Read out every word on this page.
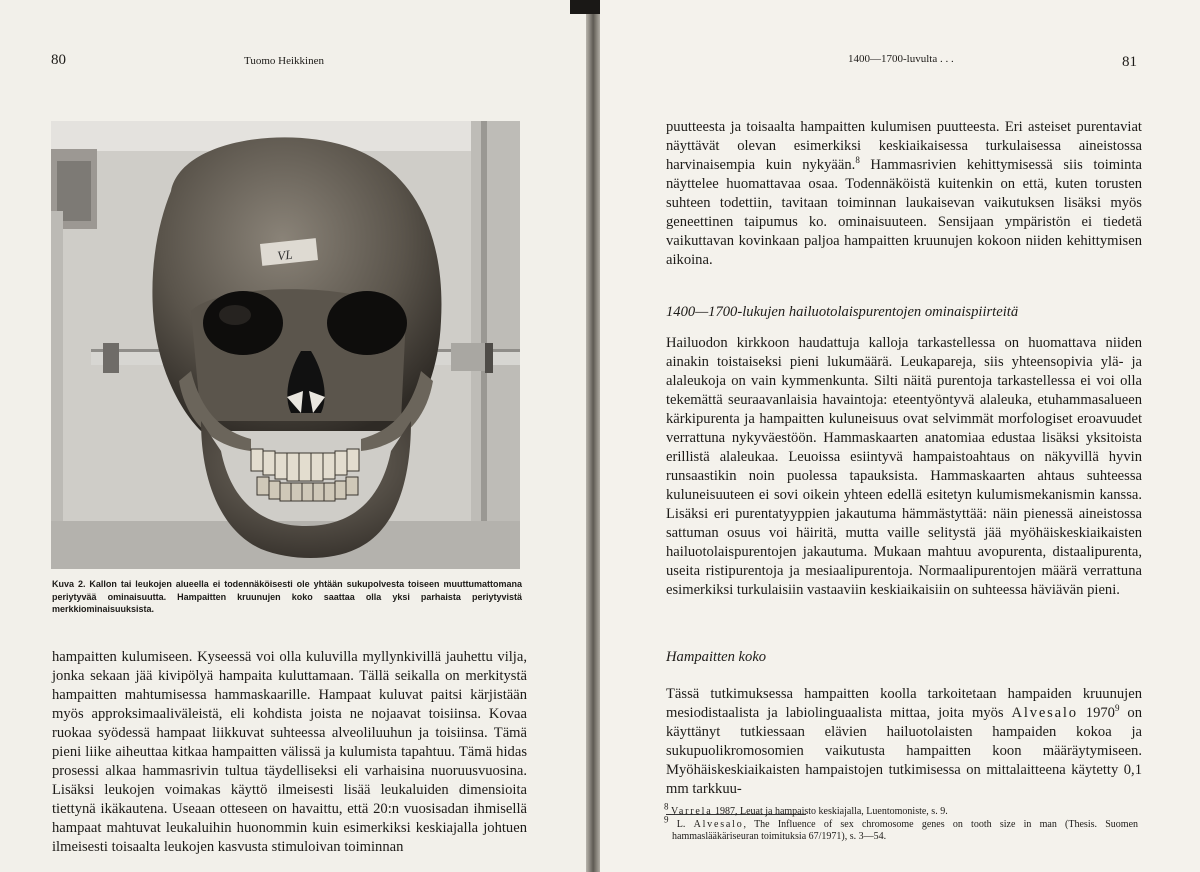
80	Tuomo Heikkinen
VL
Kuva 2. Kallon tai leukojen alueella ei todennäköisesti ole yhtään sukupolvesta toiseen muuttumattomana periytyvää ominaisuutta. Hampaitten kruunujen koko saattaa olla yksi parhaista periytyvistä merkkiominaisuuksista.

hampaitten kulumiseen. Kyseessä voi olla kuluvilla myllynkivillä jauhettu vilja, jonka sekaan jää kivipölyä hampaita kuluttamaan. Tällä seikalla on merkitystä hampaitten mahtumisessa hammaskaarille. Hampaat kuluvat paitsi kärjistään myös approksimaaliväleistä, eli kohdista joista ne nojaavat toisiinsa. Kovaa ruokaa syödessä hampaat liikkuvat suhteessa alveoliluuhun ja toisiinsa. Tämä pieni liike aiheuttaa kitkaa hampaitten välissä ja kulumista tapahtuu. Tämä hidas prosessi alkaa hammasrivin tultua täydelliseksi eli varhaisina nuoruusvuosina. Lisäksi leukojen voimakas käyttö ilmeisesti lisää leukaluiden dimensioita tiettynä ikäkautena. Useaan otteseen on havaittu, että 20:n vuosisadan ihmisellä hampaat mahtuvat leukaluihin huonommin kuin esimerkiksi keskiajalla johtuen ilmeisesti toisaalta leukojen kasvusta stimuloivan toiminnan

1400—1700-luvulta . . .	81

puutteesta ja toisaalta hampaitten kulumisen puutteesta. Eri asteiset purentaviat näyttävät olevan esimerkiksi keskiaikaisessa turkulaisessa aineistossa harvinaisempia kuin nykyään.$^8$ Hammasrivien kehittymisessä siis toiminta näyttelee huomattavaa osaa. Todennäköistä kuitenkin on että, kuten torusten suhteen todettiin, tavitaan toiminnan laukaisevan vaikutuksen lisäksi myös geneettinen taipumus ko. ominaisuuteen. Sensijaan ympäristön ei tiedetä vaikuttavan kovinkaan paljoa hampaitten kruunujen kokoon niiden kehittymisen aikoina.

1400—1700-lukujen hailuotolaispurentojen ominaispiirteitä

Hailuodon kirkkoon haudattuja kalloja tarkastellessa on huomattava niiden ainakin toistaiseksi pieni lukumäärä. Leukapareja, siis yhteensopivia ylä- ja alaleukoja on vain kymmenkunta. Silti näitä purentoja tarkastellessa ei voi olla tekemättä seuraavanlaisia havaintoja: eteentyöntyvä alaleuka, etuhammasalueen kärkipurenta ja hampaitten kuluneisuus ovat selvimmät morfologiset eroavuudet verrattuna nykyväestöön. Hammaskaarten anatomiaa edustaa lisäksi yksitoista erillistä alaleukaa. Leuoissa esiintyvä hampaistoahtaus on näkyvillä hyvin runsaastikin noin puolessa tapauksista. Hammaskaarten ahtaus suhteessa kuluneisuuteen ei sovi oikein yhteen edellä esitetyn kulumismekanismin kanssa. Lisäksi eri purentatyyppien jakautuma hämmästyttää: näin pienessä aineistossa sattuman osuus voi häiritä, mutta vaille selitystä jää myöhäiskeskiaikaisten hailuotolaispurentojen jakautuma. Mukaan mahtuu avopurenta, distaalipurenta, useita ristipurentoja ja mesiaalipurentoja. Normaalipurentojen määrä verrattuna esimerkiksi turkulaisiin vastaaviin keskiaikaisiin on suhteessa häviävän pieni.

Hampaitten koko

Tässä tutkimuksessa hampaitten koolla tarkoitetaan hampaiden kruunujen mesiodistaalista ja labiolinguaalista mittaa, joita myös Alvesalo 1970$^9$ on käyttänyt tutkiessaan elävien hailuotolaisten hampaiden kokoa ja sukupuolikromosomien vaikutusta hampaitten koon määräytymiseen. Myöhäiskeskiaikaisten hampaistojen tutkimisessa on mittalaitteena käytetty 0,1 mm tarkkuu-

8 Varrela 1987, Leuat ja hampaisto keskiajalla, Luentomoniste, s. 9.

9 L. Alvesalo, The Influence of sex chromosome genes on tooth size in man (Thesis. Suomen hammaslääkäriseuran toimituksia 67/1971), s. 3—54.
